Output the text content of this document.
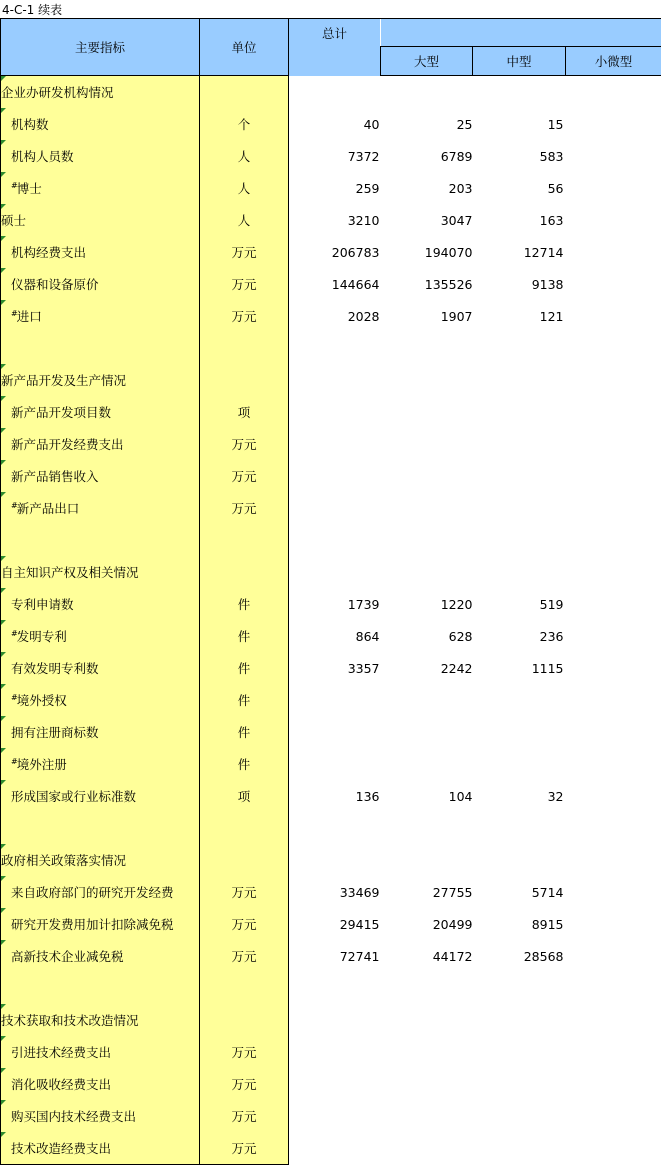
4-C-1 续表
主要指标	单位	总计			
			大型	中型	小微型

企业办研发机构情况					

机构数	个	40	25	15	

机构人员数	人	7372	6789	583	

#博士	人	259	203	56	

硕士	人	3210	3047	163	

机构经费支出	万元	206783	194070	12714	

仪器和设备原价	万元	144664	135526	9138	

#进口	万元	2028	1907	121	

新产品开发及生产情况					

新产品开发项目数	项				

新产品开发经费支出	万元				

新产品销售收入	万元				

#新产品出口	万元				

自主知识产权及相关情况					

专利申请数	件	1739	1220	519	

#发明专利	件	864	628	236	

有效发明专利数	件	3357	2242	1115	

#境外授权	件				

拥有注册商标数	件				

#境外注册	件				

形成国家或行业标准数	项	136	104	32	

政府相关政策落实情况					

来自政府部门的研究开发经费	万元	33469	27755	5714	

研究开发费用加计扣除减免税	万元	29415	20499	8915	

高新技术企业减免税	万元	72741	44172	28568	

技术获取和技术改造情况					

引进技术经费支出	万元				

消化吸收经费支出	万元				

购买国内技术经费支出	万元				

技术改造经费支出	万元				
